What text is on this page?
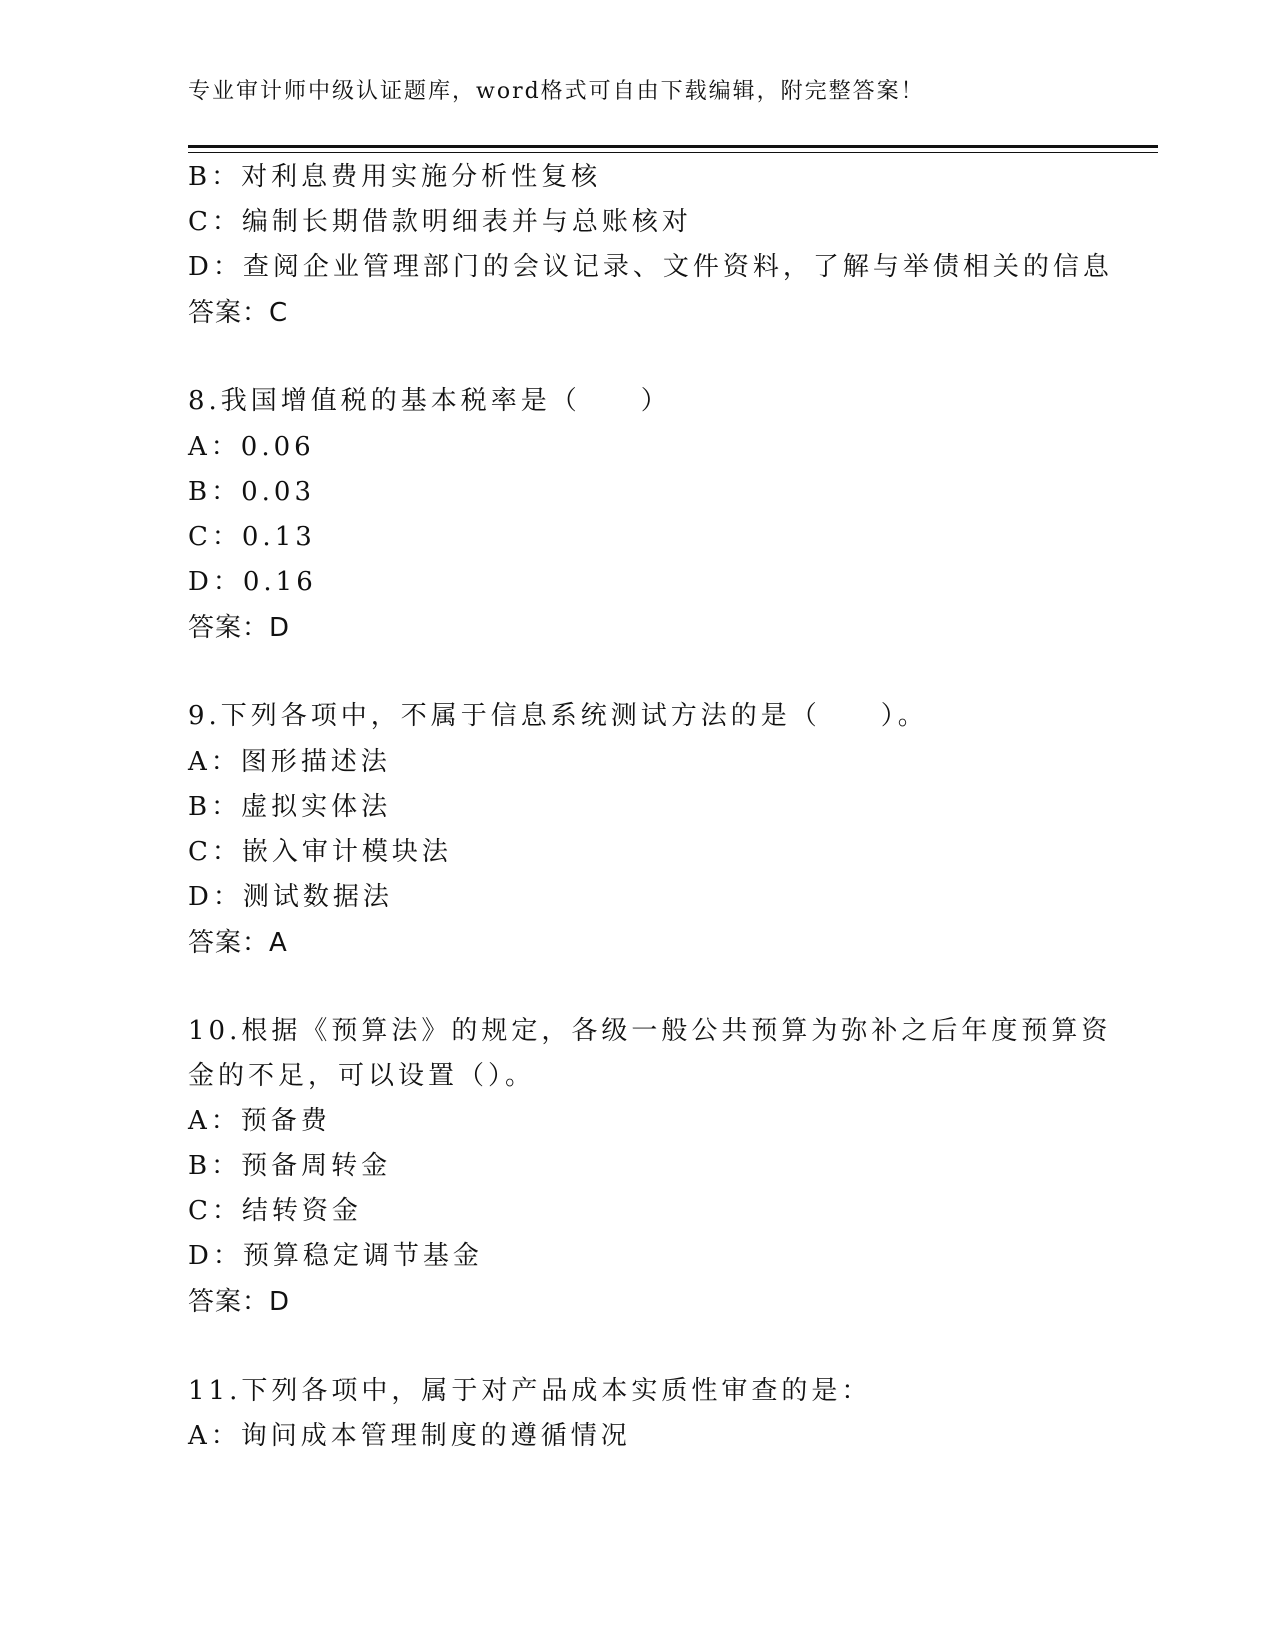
专业审计师中级认证题库，word格式可自由下载编辑，附完整答案！
B：对利息费用实施分析性复核
C：编制长期借款明细表并与总账核对
D：查阅企业管理部门的会议记录、文件资料，了解与举债相关的信息
答案：C
8.我国增值税的基本税率是（　　）
A：0.06
B：0.03
C：0.13
D：0.16
答案：D
9.下列各项中，不属于信息系统测试方法的是（　　）。
A：图形描述法
B：虚拟实体法
C：嵌入审计模块法
D：测试数据法
答案：A
10.根据《预算法》的规定，各级一般公共预算为弥补之后年度预算资
金的不足，可以设置（）。
A：预备费
B：预备周转金
C：结转资金
D：预算稳定调节基金
答案：D
11.下列各项中，属于对产品成本实质性审查的是：
A：询问成本管理制度的遵循情况
